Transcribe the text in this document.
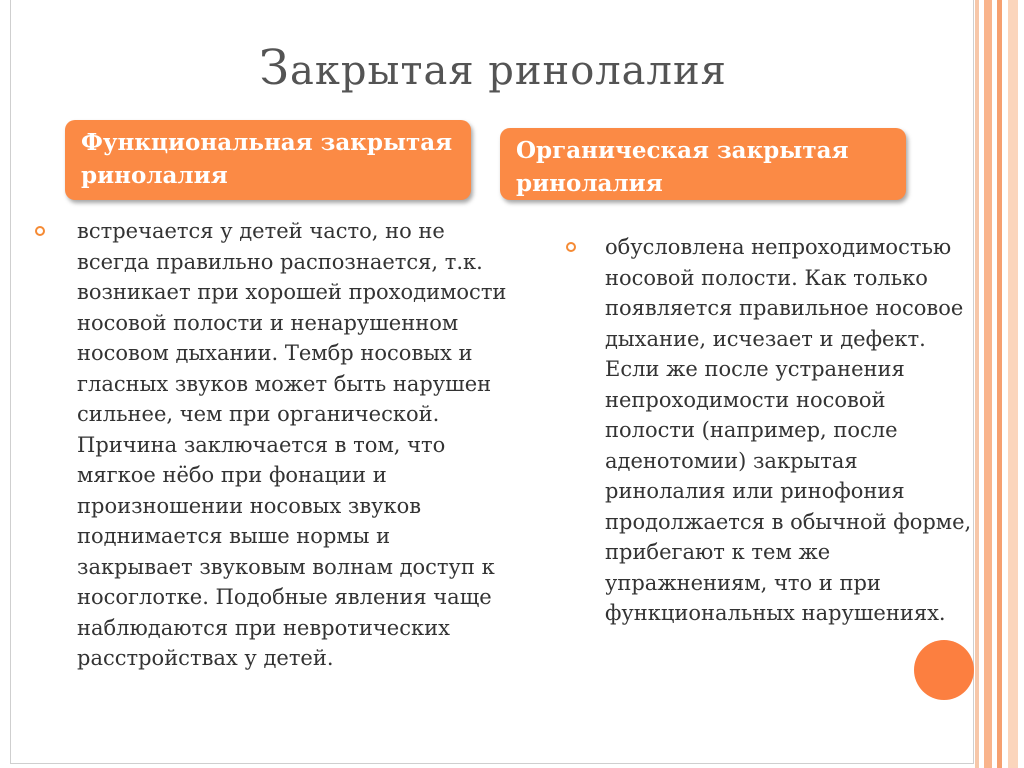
Закрытая ринолалия
Функциональная закрытая ринолалия
Органическая закрытая ринолалия

встречается у детей часто, но не всегда правильно распознается, т.к. возникает при хорошей проходимости носовой полости и ненарушенном носовом дыхании. Тембр носовых и гласных звуков может быть нарушен сильнее, чем при органической. Причина заключается в том, что мягкое нёбо при фонации и произношении носовых звуков поднимается выше нормы и закрывает звуковым волнам доступ к носоглотке. Подобные явления чаще наблюдаются при невротических расстройствах у детей.

обусловлена непроходимостью носовой полости. Как только появляется правильное носовое дыхание, исчезает и дефект. Если же после устранения непроходимости носовой полости (например, после аденотомии) закрытая ринолалия или ринофония продолжается в обычной форме, прибегают к тем же упражнениям, что и при функциональных нарушениях.
